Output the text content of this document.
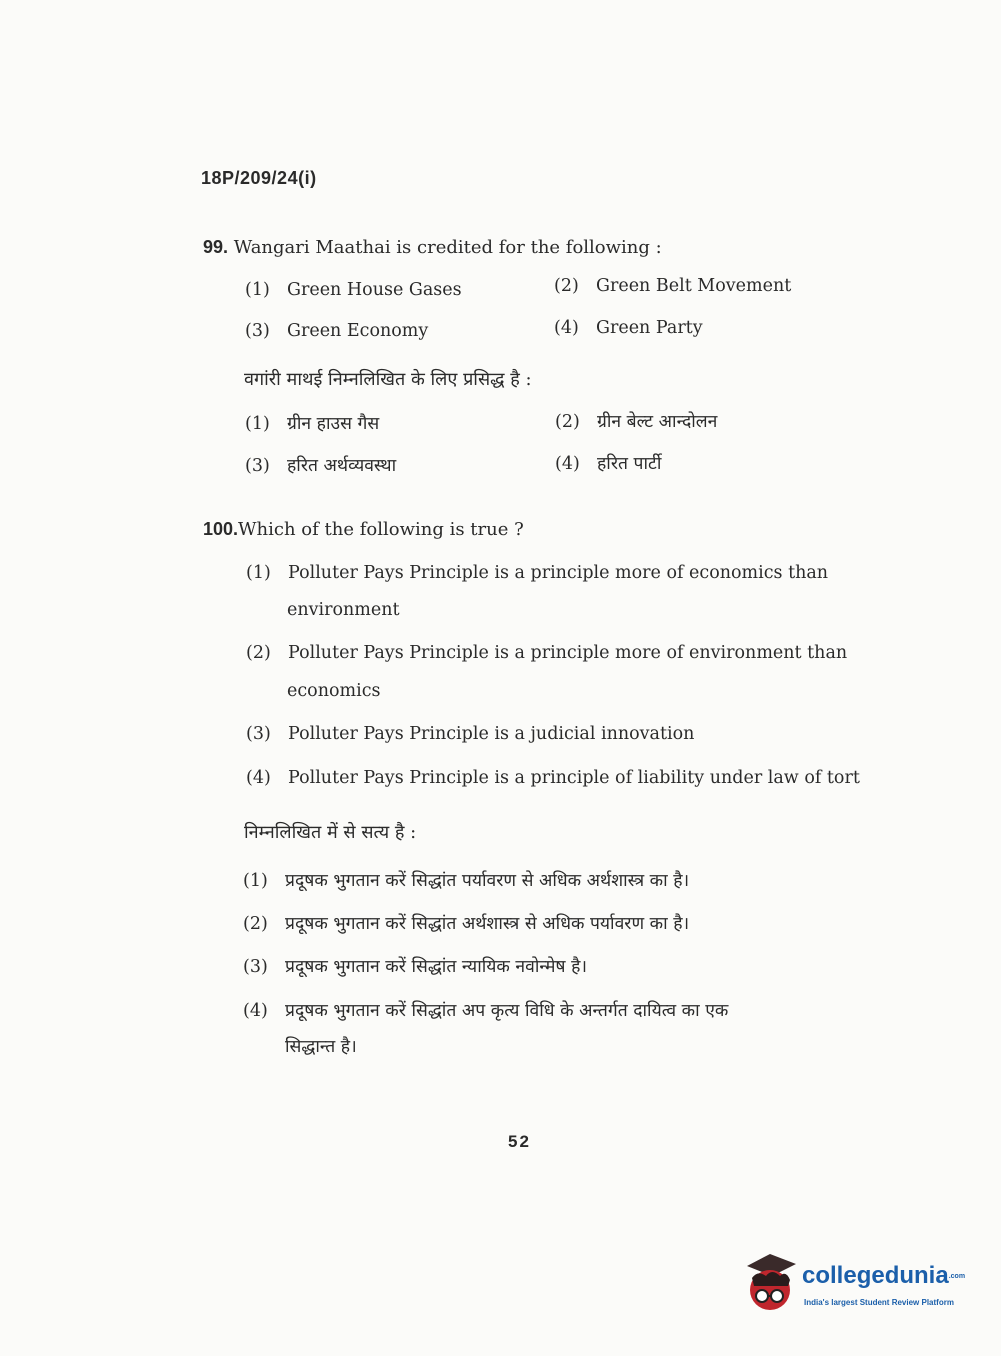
18P/209/24(i)
99. Wangari Maathai is credited for the following :
(1) Green House Gases	(2) Green Belt Movement
(3) Green Economy	(4) Green Party
वगांरी माथई निम्नलिखित के लिए प्रसिद्ध है :
(1) ग्रीन हाउस गैस	(2) ग्रीन बेल्ट आन्दोलन
(3) हरित अर्थव्यवस्था	(4) हरित पार्टी
100.Which of the following is true ?
(1) Polluter Pays Principle is a principle more of economics than
environment
(2) Polluter Pays Principle is a principle more of environment than
economics
(3) Polluter Pays Principle is a judicial innovation
(4) Polluter Pays Principle is a principle of liability under law of tort
निम्नलिखित में से सत्य है :
(1) प्रदूषक भुगतान करें सिद्धांत पर्यावरण से अधिक अर्थशास्त्र का है।
(2) प्रदूषक भुगतान करें सिद्धांत अर्थशास्त्र से अधिक पर्यावरण का है।
(3) प्रदूषक भुगतान करें सिद्धांत न्यायिक नवोन्मेष है।
(4) प्रदूषक भुगतान करें सिद्धांत अप कृत्य विधि के अन्तर्गत दायित्व का एक
सिद्धान्त है।
52
collegedunia.com
India's largest Student Review Platform
